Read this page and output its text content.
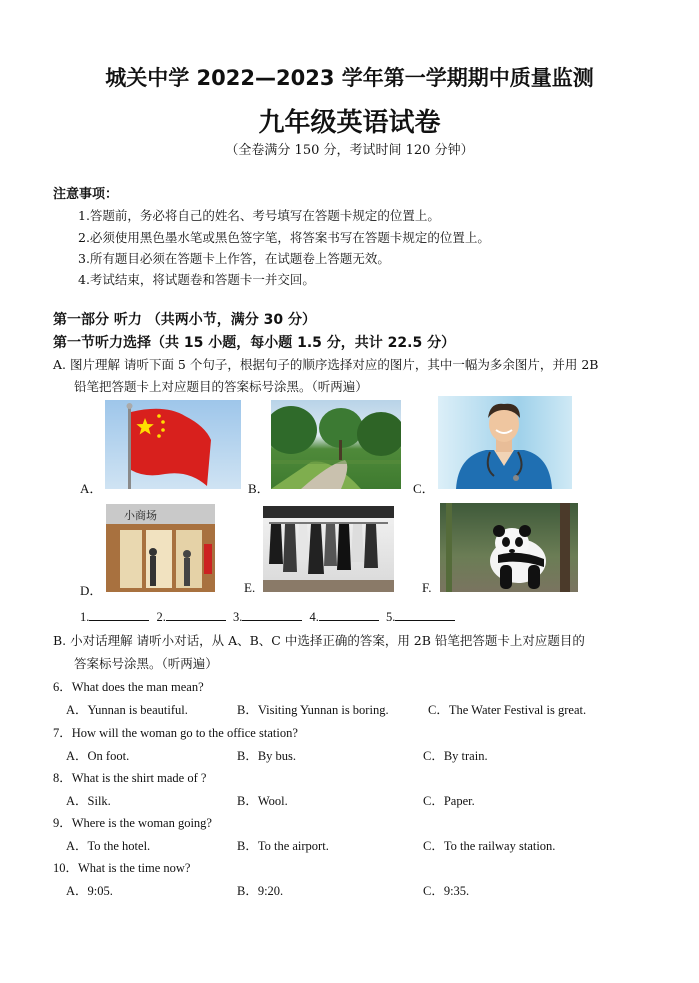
城关中学 2022—2023 学年第一学期期中质量监测
九年级英语试卷
（全卷满分 150 分，考试时间 120 分钟）
注意事项：
1.答题前，务必将自己的姓名、考号填写在答题卡规定的位置上。
2.必须使用黑色墨水笔或黑色签字笔，将答案书写在答题卡规定的位置上。
3.所有题目必须在答题卡上作答，在试题卷上答题无效。
4.考试结束，将试题卷和答题卡一并交回。
第一部分 听力 （共两小节，满分 30 分）
第一节听力选择（共 15 小题，每小题 1.5 分，共计 22.5 分）
A. 图片理解 请听下面 5 个句子，根据句子的顺序选择对应的图片，其中一幅为多余图片，并用 2B
铅笔把答题卡上对应题目的答案标号涂黑。（听两遍）
A．	B．	C．
D．
小商场
E.	F.
1.	2.	3.	4.	5.
B. 小对话理解 请听小对话，从 A、B、C 中选择正确的答案，用 2B 铅笔把答题卡上对应题目的
答案标号涂黑。（听两遍）
6．What does the man mean?
A．Yunnan is beautiful.	B．Visiting Yunnan is boring.	C．The Water Festival is great.
7．How will the woman go to the office station?
A．On foot.	B．By bus.	C．By train.
8．What is the shirt made of ?
A．Silk.	B．Wool.	C．Paper.
9．Where is the woman going?
A．To the hotel.	B．To the airport.	C．To the railway station.
10．What is the time now?
A．9:05.	B．9:20.	C．9:35.
